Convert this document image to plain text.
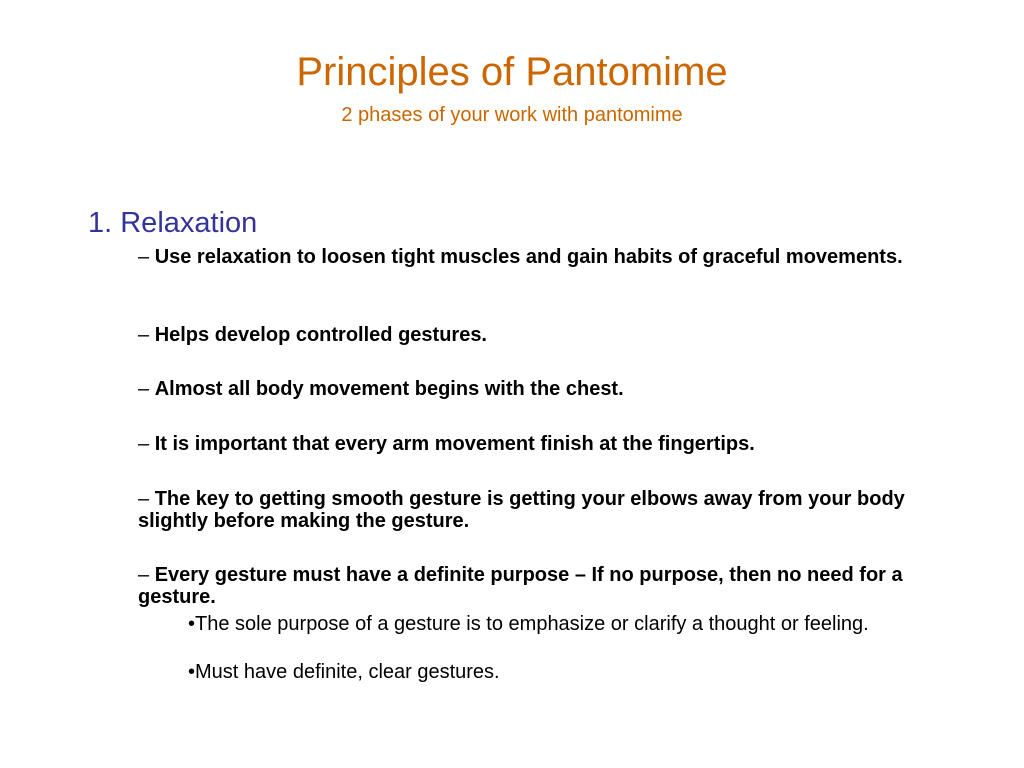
Principles of Pantomime
2 phases of your work with pantomime
1. Relaxation
– Use relaxation to loosen tight muscles and gain habits of graceful movements.
– Helps develop controlled gestures.
– Almost all body movement begins with the chest.
– It is important that every arm movement finish at the fingertips.
– The key to getting smooth gesture is getting your elbows away from your body slightly before making the gesture.
– Every gesture must have a definite purpose – If no purpose, then no need for a gesture.
•The sole purpose of a gesture is to emphasize or clarify a thought or feeling.
•Must have definite, clear gestures.
